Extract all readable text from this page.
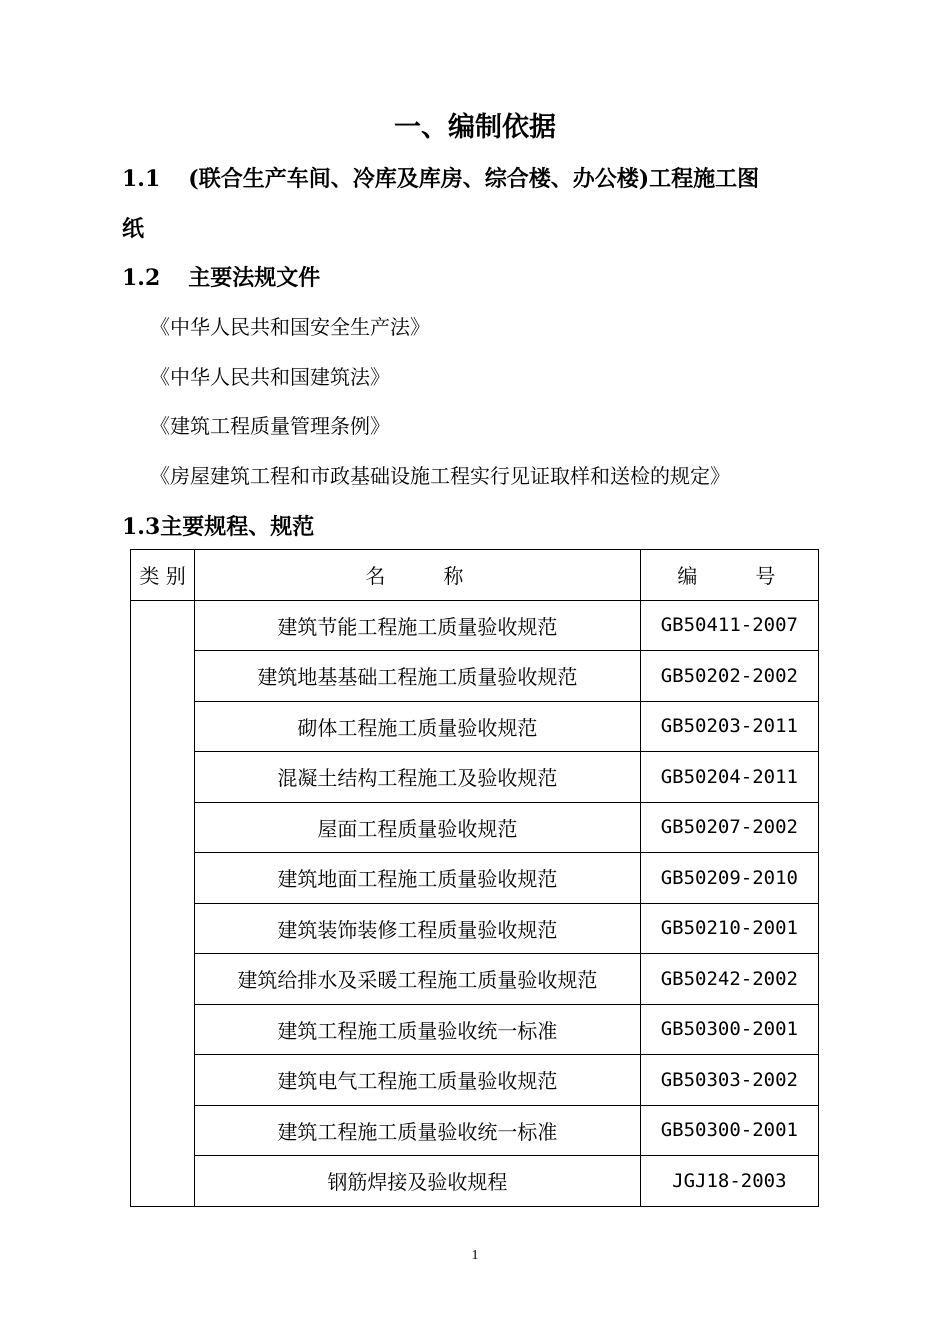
一、编制依据
1.1 (联合生产车间、冷库及库房、综合楼、办公楼)工程施工图
纸
1.2 主要法规文件
《中华人民共和国安全生产法》
《中华人民共和国建筑法》
《建筑工程质量管理条例》
《房屋建筑工程和市政基础设施工程实行见证取样和送检的规定》
1.3主要规程、规范
类 别	名　　称	编　　号
	建筑节能工程施工质量验收规范	GB50411-2007
	建筑地基基础工程施工质量验收规范	GB50202-2002
	砌体工程施工质量验收规范	GB50203-2011
	混凝土结构工程施工及验收规范	GB50204-2011
	屋面工程质量验收规范	GB50207-2002
	建筑地面工程施工质量验收规范	GB50209-2010
	建筑装饰装修工程质量验收规范	GB50210-2001
	建筑给排水及采暖工程施工质量验收规范	GB50242-2002
	建筑工程施工质量验收统一标准	GB50300-2001
	建筑电气工程施工质量验收规范	GB50303-2002
	建筑工程施工质量验收统一标准	GB50300-2001
	钢筋焊接及验收规程	JGJ18-2003
1
